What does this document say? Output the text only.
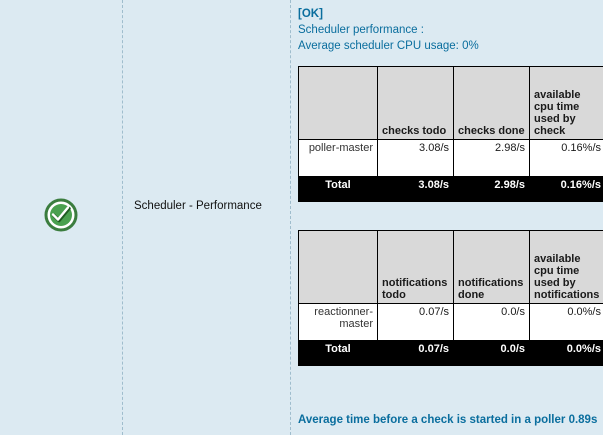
Scheduler - Performance
[OK]
Scheduler performance :
Average scheduler CPU usage: 0%
	checks todo	checks done	available cpu time used by check
poller-master	3.08/s	2.98/s	0.16%/s
Total	3.08/s	2.98/s	0.16%/s
	notifications todo	notifications done	available cpu time used by notifications
reactionner-master	0.07/s	0.0/s	0.0%/s
Total	0.07/s	0.0/s	0.0%/s
Average time before a check is started in a poller 0.89s
